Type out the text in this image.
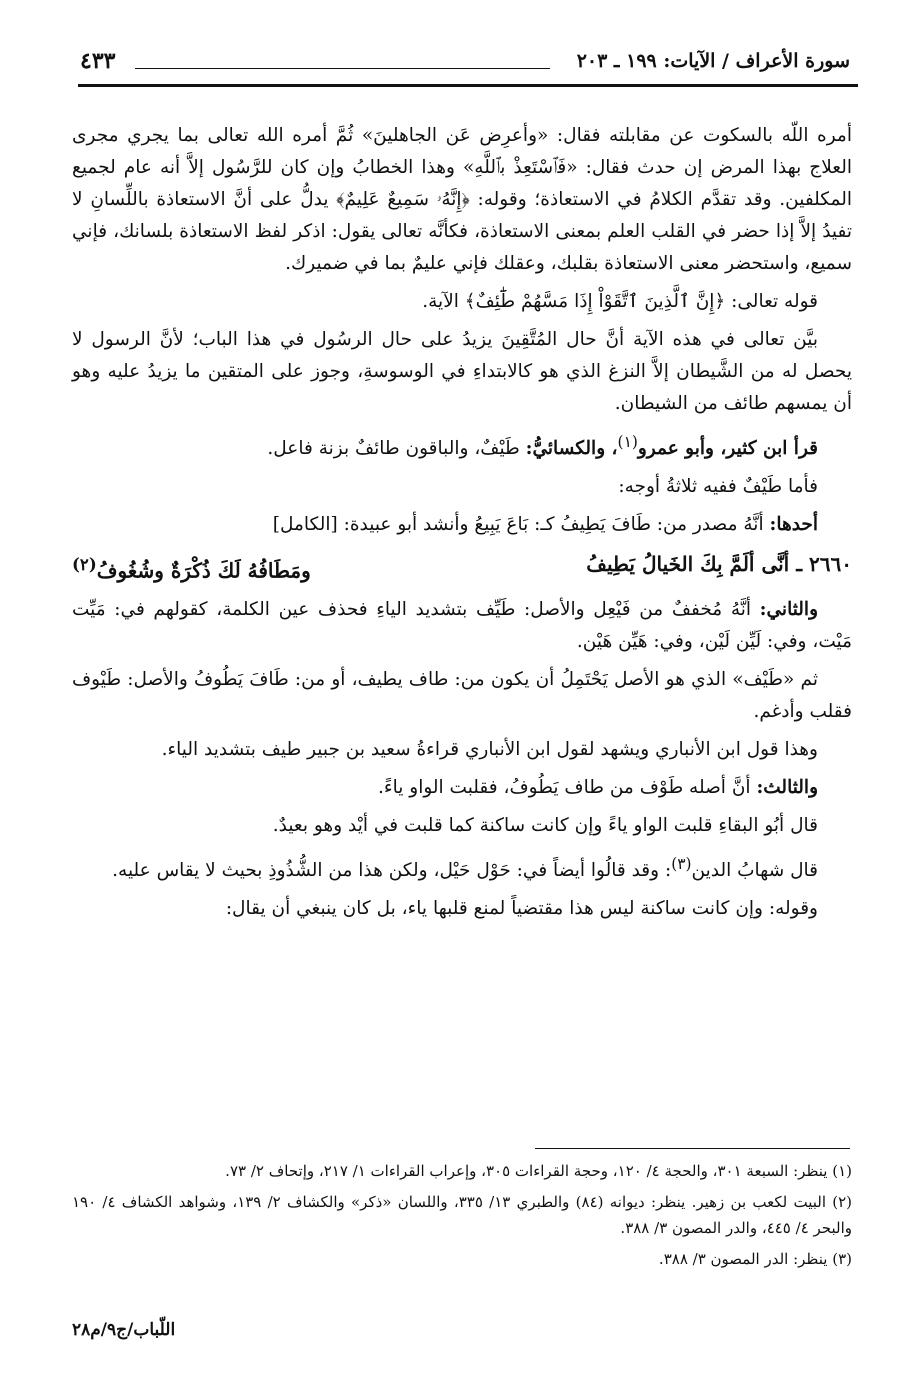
سورة الأعراف / الآيات: ١٩٩ ـ ٢٠٣
٤٣٣

أمره اللّه بالسكوت عن مقابلته فقال: «وأعرِض عَن الجاهلينَ» ثُمَّ أمره الله تعالى بما يجري مجرى العلاج بهذا المرض إن حدث فقال: «فَٱسْتَعِذْ بٱللَّهِ» وهذا الخطابُ وإن كان للرَّسُول إلاَّ أنه عام لجميع المكلفين. وقد تقدَّم الكلامُ في الاستعاذة؛ وقوله: ﴿إِنَّهُۥ سَمِيعٌ عَلِيمٌ﴾ يدلُّ على أنَّ الاستعاذة باللِّسانِ لا تفيدُ إلاَّ إذا حضر في القلب العلم بمعنى الاستعاذة، فكأنَّه تعالى يقول: اذكر لفظ الاستعاذة بلسانك، فإني سميع، واستحضر معنى الاستعاذة بقلبك، وعقلك فإني عليمٌ بما في ضميرك.

قوله تعالى: ﴿إِنَّ ٱلَّذِينَ ٱتَّقَوْاْ إِذَا مَسَّهُمْ طَٰٓئِفٌ﴾ الآية.

بيَّن تعالى في هذه الآية أنَّ حال المُتَّقِينَ يزيدُ على حال الرسُول في هذا الباب؛ لأنَّ الرسول لا يحصل له من الشَّيطان إلاَّ النزغ الذي هو كالابتداءِ في الوسوسةِ، وجوز على المتقين ما يزيدُ عليه وهو أن يمسهم طائف من الشيطان.

قرأ ابن كثير، وأبو عمرو$^{(١)}$، والكسائيُّ: طَيْفٌ، والباقون طائفٌ بزنة فاعل.

فأما طَيْفٌ ففيه ثلاثةُ أوجه:

أحدها: أنَّهُ مصدر من: طَافَ يَطِيفُ كـ: بَاعَ يَبِيعُ وأنشد أبو عبيدة: [الكامل]

٢٦٦٠ ـ أنَّى ألَمَّ بِكَ الخَيالُ يَطِيفُ
ومَطَافُهُ لَكَ ذُكْرَةٌ وشُغُوفُ$^{(٢)}$

والثاني: أنَّهُ مُخففٌ من فَيْعِل والأصل: طَيِّف بتشديد الياءِ فحذف عين الكلمة، كقولهم في: مَيِّت مَيْت، وفي: لَيِّن لَيْن، وفي: هَيِّن هَيْن.

ثم «طَيْف» الذي هو الأصل يَحْتَمِلُ أن يكون من: طاف يطيف، أو من: طَافَ يَطُوفُ والأصل: طَيْوف فقلب وأدغم.

وهذا قول ابن الأنباري ويشهد لقول ابن الأنباري قراءةُ سعيد بن جبير طيف بتشديد الياء.

والثالث: أنَّ أصله طَوْف من طاف يَطُوفُ، فقلبت الواو ياءً.

قال أبُو البقاءِ قلبت الواو ياءً وإن كانت ساكنة كما قلبت في أيْد وهو بعيدٌ.

قال شهابُ الدين$^{(٣)}$: وقد قالُوا أيضاً في: حَوْل حَيْل، ولكن هذا من الشُّذُوذِ بحيث لا يقاس عليه.

وقوله: وإن كانت ساكنة ليس هذا مقتضياً لمنع قلبها ياء، بل كان ينبغي أن يقال:

(١) ينظر: السبعة ٣٠١، والحجة ٤/ ١٢٠، وحجة القراءات ٣٠٥، وإعراب القراءات ١/ ٢١٧، وإتحاف ٢/ ٧٣.

(٢) البيت لكعب بن زهير. ينظر: ديوانه (٨٤) والطبري ١٣/ ٣٣٥، واللسان «ذكر» والكشاف ٢/ ١٣٩، وشواهد الكشاف ٤/ ١٩٠ والبحر ٤/ ٤٤٥، والدر المصون ٣/ ٣٨٨.

(٣) ينظر: الدر المصون ٣/ ٣٨٨.

اللّباب/ج٩/م٢٨
